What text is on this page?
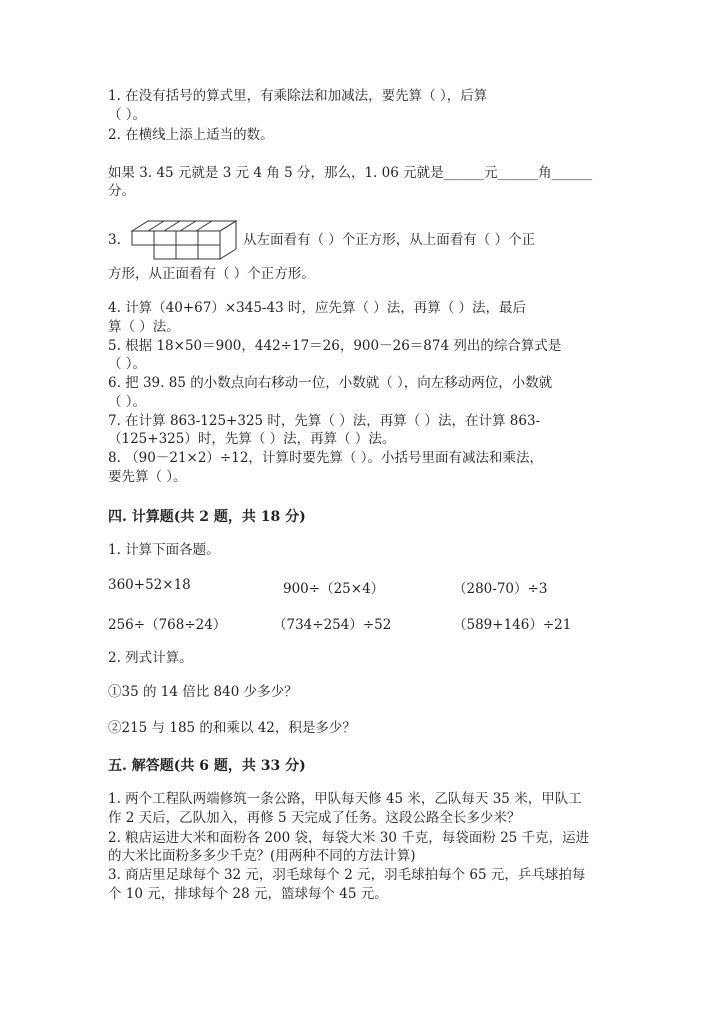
1. 在没有括号的算式里，有乘除法和加减法，要先算（ ），后算
（ ）。
2. 在横线上添上适当的数。
如果 3. 45 元就是 3 元 4 角 5 分，那么，1. 06 元就是______元______角______
分。
3.	从左面看有（ ）个正方形，从上面看有（ ）个正
方形，从正面看有（ ）个正方形。
4. 计算（40+67）×345-43 时，应先算（ ）法，再算（ ）法，最后
算（ ）法。
5. 根据 18×50＝900，442÷17＝26，900－26＝874 列出的综合算式是
（ ）。
6. 把 39. 85 的小数点向右移动一位，小数就（ ），向左移动两位，小数就
（ ）。
7. 在计算 863-125+325 时，先算（ ）法，再算（ ）法，在计算 863-
（125+325）时，先算（ ）法，再算（ ）法。
8. （90－21×2）÷12，计算时要先算（ ）。小括号里面有减法和乘法，
要先算（ ）。
四. 计算题(共 2 题，共 18 分)
1. 计算下面各题。
360+52×18	900÷（25×4）	（280-70）÷3
256÷（768÷24）	（734÷254）÷52	（589+146）÷21
2. 列式计算。
①35 的 14 倍比 840 少多少？
②215 与 185 的和乘以 42，积是多少？
五. 解答题(共 6 题，共 33 分)
1. 两个工程队两端修筑一条公路，甲队每天修 45 米，乙队每天 35 米，甲队工
作 2 天后，乙队加入，再修 5 天完成了任务。这段公路全长多少米？
2. 粮店运进大米和面粉各 200 袋，每袋大米 30 千克，每袋面粉 25 千克，运进
的大米比面粉多多少千克？(用两种不同的方法计算)
3. 商店里足球每个 32 元，羽毛球每个 2 元，羽毛球拍每个 65 元，乒乓球拍每
个 10 元，排球每个 28 元，篮球每个 45 元。
